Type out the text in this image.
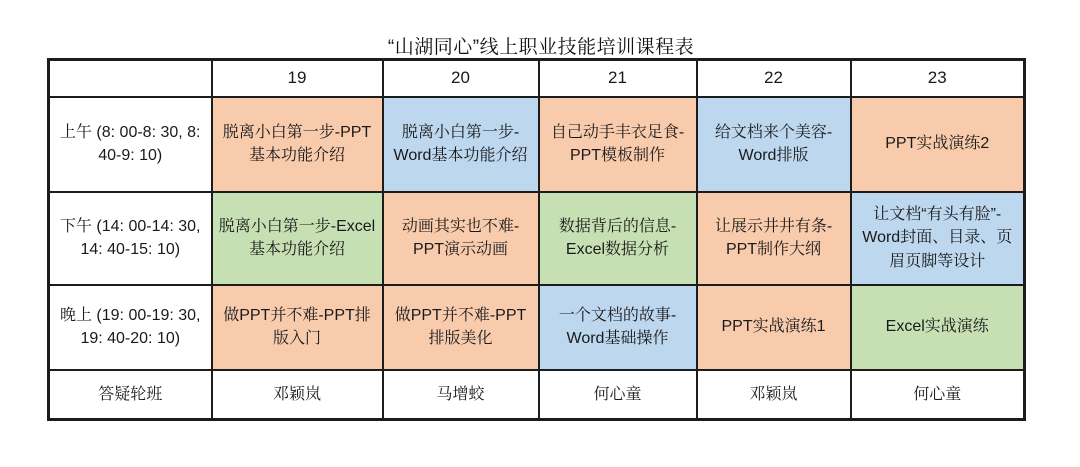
“山湖同心”线上职业技能培训课程表
	19	20	21	22	23
上午 (8: 00-8: 30, 8: 40-9: 10)	脱离小白第一步-PPT 基本功能介绍	脱离小白第一步-Word基本功能介绍	自己动手丰衣足食-PPT模板制作	给文档来个美容-Word排版	PPT实战演练2
下午 (14: 00-14: 30, 14: 40-15: 10)	脱离小白第一步-Excel基本功能介绍	动画其实也不难-PPT演示动画	数据背后的信息-Excel数据分析	让展示井井有条-PPT制作大纲	让文档“有头有脸”-Word封面、目录、页眉页脚等设计
晚上 (19: 00-19: 30, 19: 40-20: 10)	做PPT并不难-PPT排版入门	做PPT并不难-PPT排版美化	一个文档的故事-Word基础操作	PPT实战演练1	Excel实战演练
答疑轮班	邓颖岚	马增蛟	何心童	邓颖岚	何心童
